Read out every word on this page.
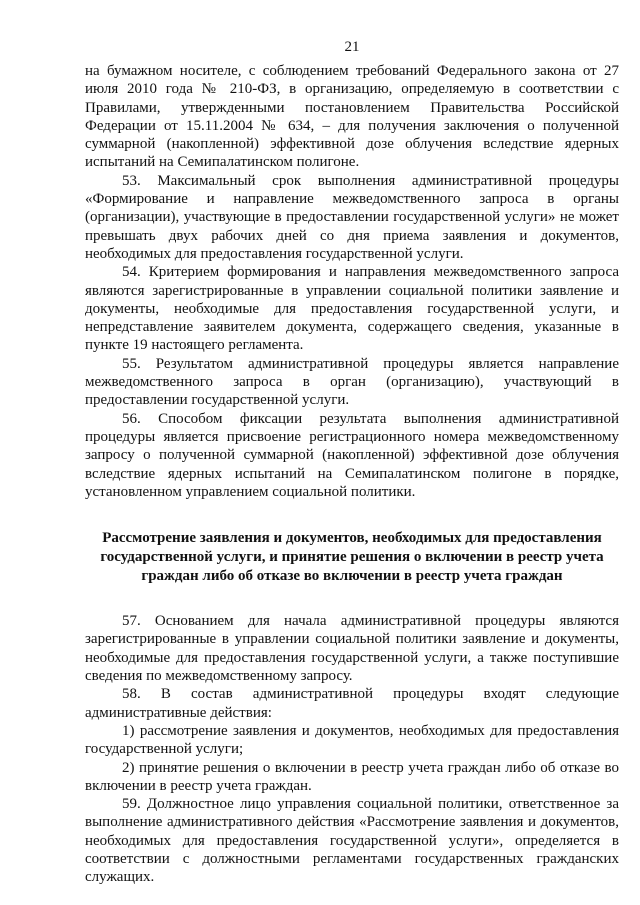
21

на бумажном носителе, с соблюдением требований Федерального закона от 27 июля 2010 года № 210-ФЗ, в организацию, определяемую в соответствии с Правилами, утвержденными постановлением Правительства Российской Федерации от 15.11.2004 № 634, – для получения заключения о полученной суммарной (накопленной) эффективной дозе облучения вследствие ядерных испытаний на Семипалатинском полигоне.

53. Максимальный срок выполнения административной процедуры «Формирование и направление межведомственного запроса в органы (организации), участвующие в предоставлении государственной услуги» не может превышать двух рабочих дней со дня приема заявления и документов, необходимых для предоставления государственной услуги.

54. Критерием формирования и направления межведомственного запроса являются зарегистрированные в управлении социальной политики заявление и документы, необходимые для предоставления государственной услуги, и непредставление заявителем документа, содержащего сведения, указанные в пункте 19 настоящего регламента.

55. Результатом административной процедуры является направление межведомственного запроса в орган (организацию), участвующий в предоставлении государственной услуги.

56. Способом фиксации результата выполнения административной процедуры является присвоение регистрационного номера межведомственному запросу о полученной суммарной (накопленной) эффективной дозе облучения вследствие ядерных испытаний на Семипалатинском полигоне в порядке, установленном управлением социальной политики.

Рассмотрение заявления и документов, необходимых для предоставления государственной услуги, и принятие решения о включении в реестр учета граждан либо об отказе во включении в реестр учета граждан

57. Основанием для начала административной процедуры являются зарегистрированные в управлении социальной политики заявление и документы, необходимые для предоставления государственной услуги, а также поступившие сведения по межведомственному запросу.

58. В состав административной процедуры входят следующие административные действия:

1) рассмотрение заявления и документов, необходимых для предоставления государственной услуги;

2) принятие решения о включении в реестр учета граждан либо об отказе во включении в реестр учета граждан.

59. Должностное лицо управления социальной политики, ответственное за выполнение административного действия «Рассмотрение заявления и документов, необходимых для предоставления государственной услуги», определяется в соответствии с должностными регламентами государственных гражданских служащих.
